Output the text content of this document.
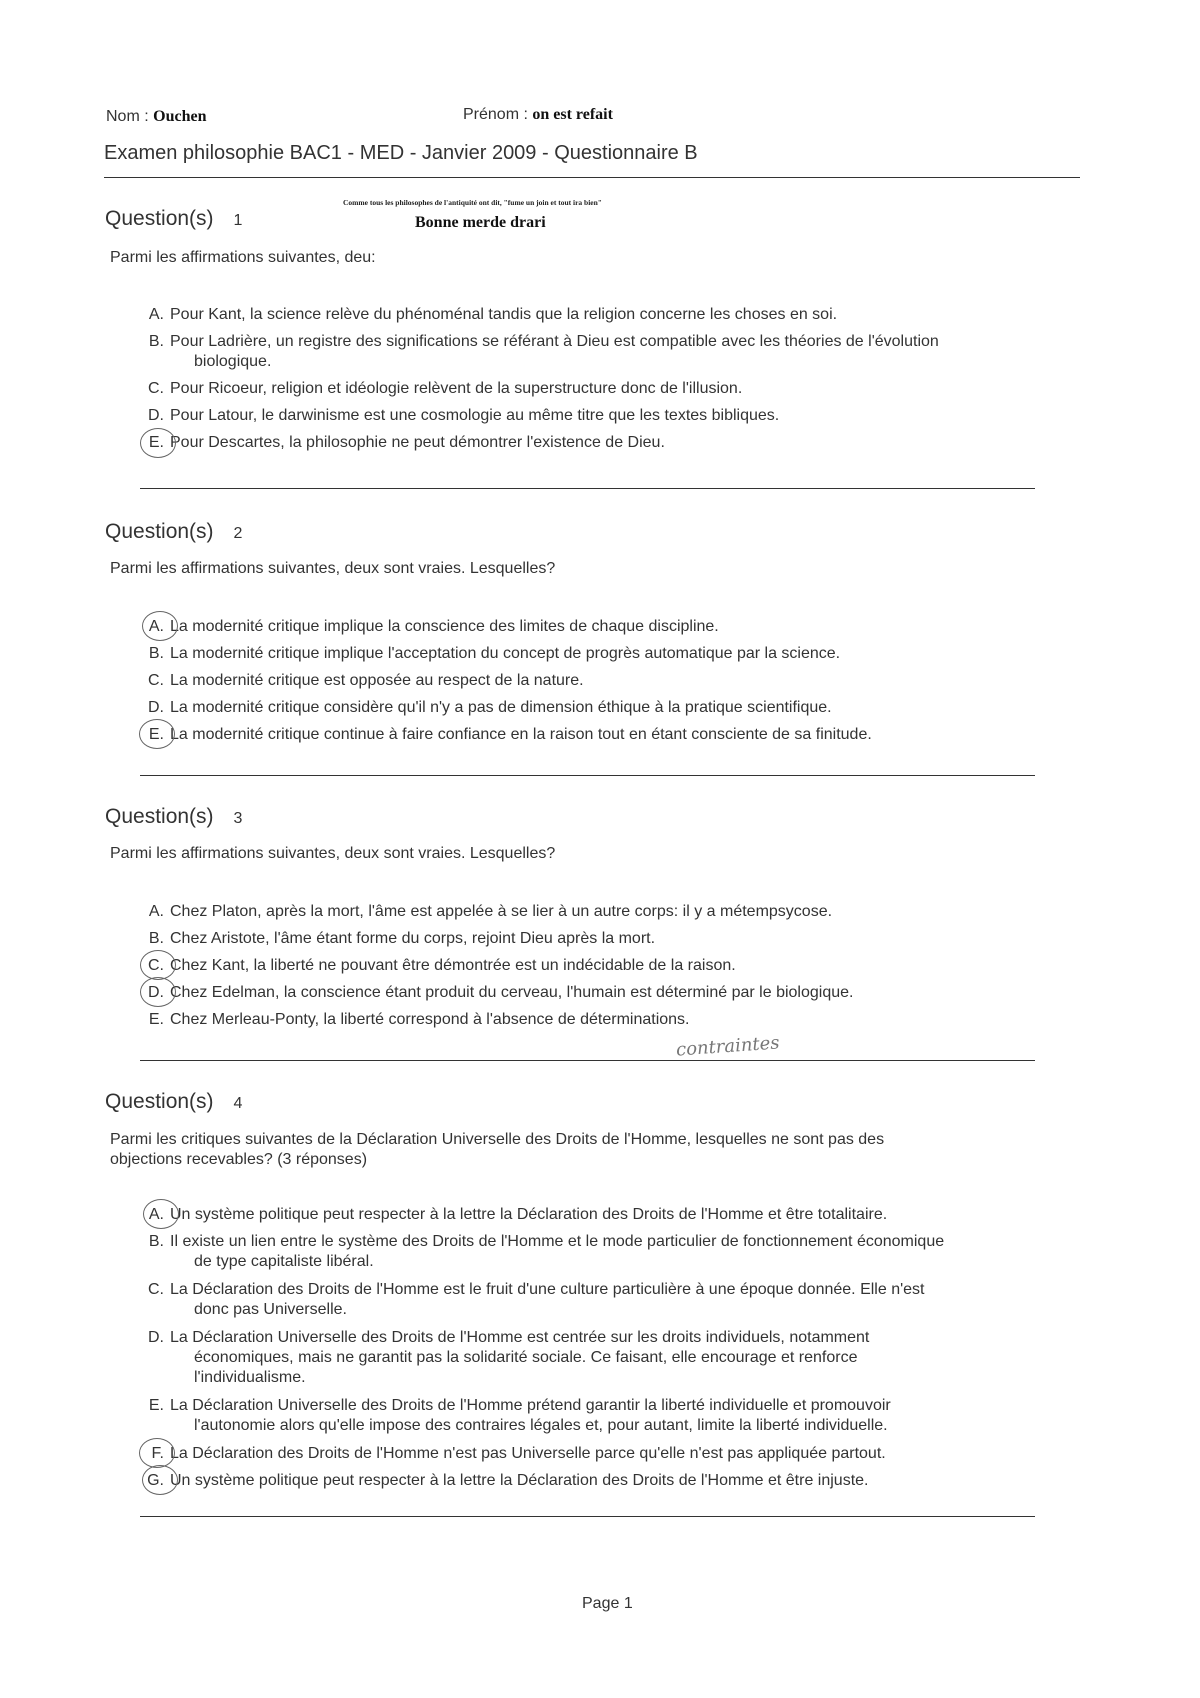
Nom : Ouchen	Prénom : on est refait
Examen philosophie BAC1 - MED - Janvier 2009 - Questionnaire B
Comme tous les philosophes de l'antiquité ont dit, "fume un join et tout ira bien"
Bonne merde drari
Question(s) 1
Parmi les affirmations suivantes, deu:
A. Pour Kant, la science relève du phénoménal tandis que la religion concerne les choses en soi.
B. Pour Ladrière, un registre des significations se référant à Dieu est compatible avec les théories de l'évolution
biologique.
C. Pour Ricoeur, religion et idéologie relèvent de la superstructure donc de l'illusion.
D. Pour Latour, le darwinisme est une cosmologie au même titre que les textes bibliques.
E. Pour Descartes, la philosophie ne peut démontrer l'existence de Dieu.
Question(s) 2
Parmi les affirmations suivantes, deux sont vraies. Lesquelles?
A. La modernité critique implique la conscience des limites de chaque discipline.
B. La modernité critique implique l'acceptation du concept de progrès automatique par la science.
C. La modernité critique est opposée au respect de la nature.
D. La modernité critique considère qu'il n'y a pas de dimension éthique à la pratique scientifique.
E. La modernité critique continue à faire confiance en la raison tout en étant consciente de sa finitude.
Question(s) 3
Parmi les affirmations suivantes, deux sont vraies. Lesquelles?
A. Chez Platon, après la mort, l'âme est appelée à se lier à un autre corps: il y a métempsycose.
B. Chez Aristote, l'âme étant forme du corps, rejoint Dieu après la mort.
C. Chez Kant, la liberté ne pouvant être démontrée est un indécidable de la raison.
D. Chez Edelman, la conscience étant produit du cerveau, l'humain est déterminé par le biologique.
E. Chez Merleau-Ponty, la liberté correspond à l'absence de déterminations.
contraintes
Question(s) 4
Parmi les critiques suivantes de la Déclaration Universelle des Droits de l'Homme, lesquelles ne sont pas des
objections recevables? (3 réponses)
A. Un système politique peut respecter à la lettre la Déclaration des Droits de l'Homme et être totalitaire.
B. Il existe un lien entre le système des Droits de l'Homme et le mode particulier de fonctionnement économique
de type capitaliste libéral.
C. La Déclaration des Droits de l'Homme est le fruit d'une culture particulière à une époque donnée. Elle n'est
donc pas Universelle.
D. La Déclaration Universelle des Droits de l'Homme est centrée sur les droits individuels, notamment
économiques, mais ne garantit pas la solidarité sociale. Ce faisant, elle encourage et renforce
l'individualisme.
E. La Déclaration Universelle des Droits de l'Homme prétend garantir la liberté individuelle et promouvoir
l'autonomie alors qu'elle impose des contraires légales et, pour autant, limite la liberté individuelle.
F. La Déclaration des Droits de l'Homme n'est pas Universelle parce qu'elle n'est pas appliquée partout.
G. Un système politique peut respecter à la lettre la Déclaration des Droits de l'Homme et être injuste.
Page 1
